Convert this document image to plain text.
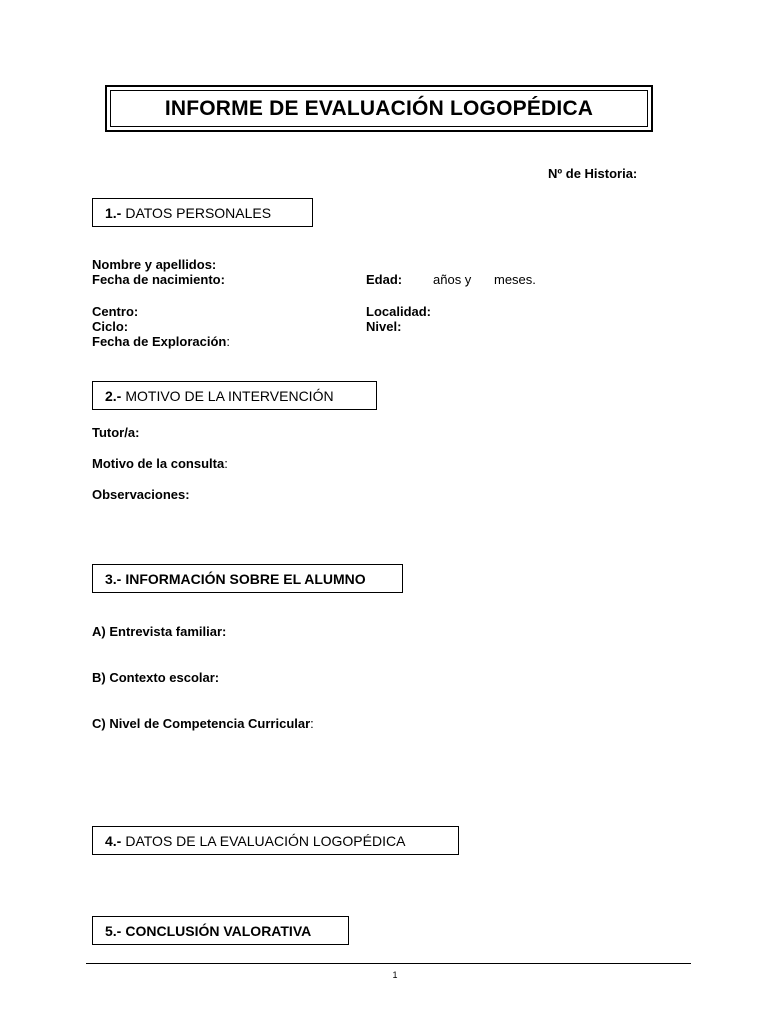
INFORME DE EVALUACIÓN LOGOPÉDICA
Nº de Historia:
1.- DATOS PERSONALES
Nombre y apellidos:
Fecha de nacimiento:	Edad: años y meses.
Centro:	Localidad:
Ciclo:	Nivel:
Fecha de Exploración:
2.- MOTIVO DE LA INTERVENCIÓN
Tutor/a:
Motivo de la consulta:
Observaciones:
3.- INFORMACIÓN SOBRE EL ALUMNO
A) Entrevista familiar:
B) Contexto escolar:
C) Nivel de Competencia Curricular:
4.- DATOS DE LA EVALUACIÓN LOGOPÉDICA
5.- CONCLUSIÓN VALORATIVA
1
